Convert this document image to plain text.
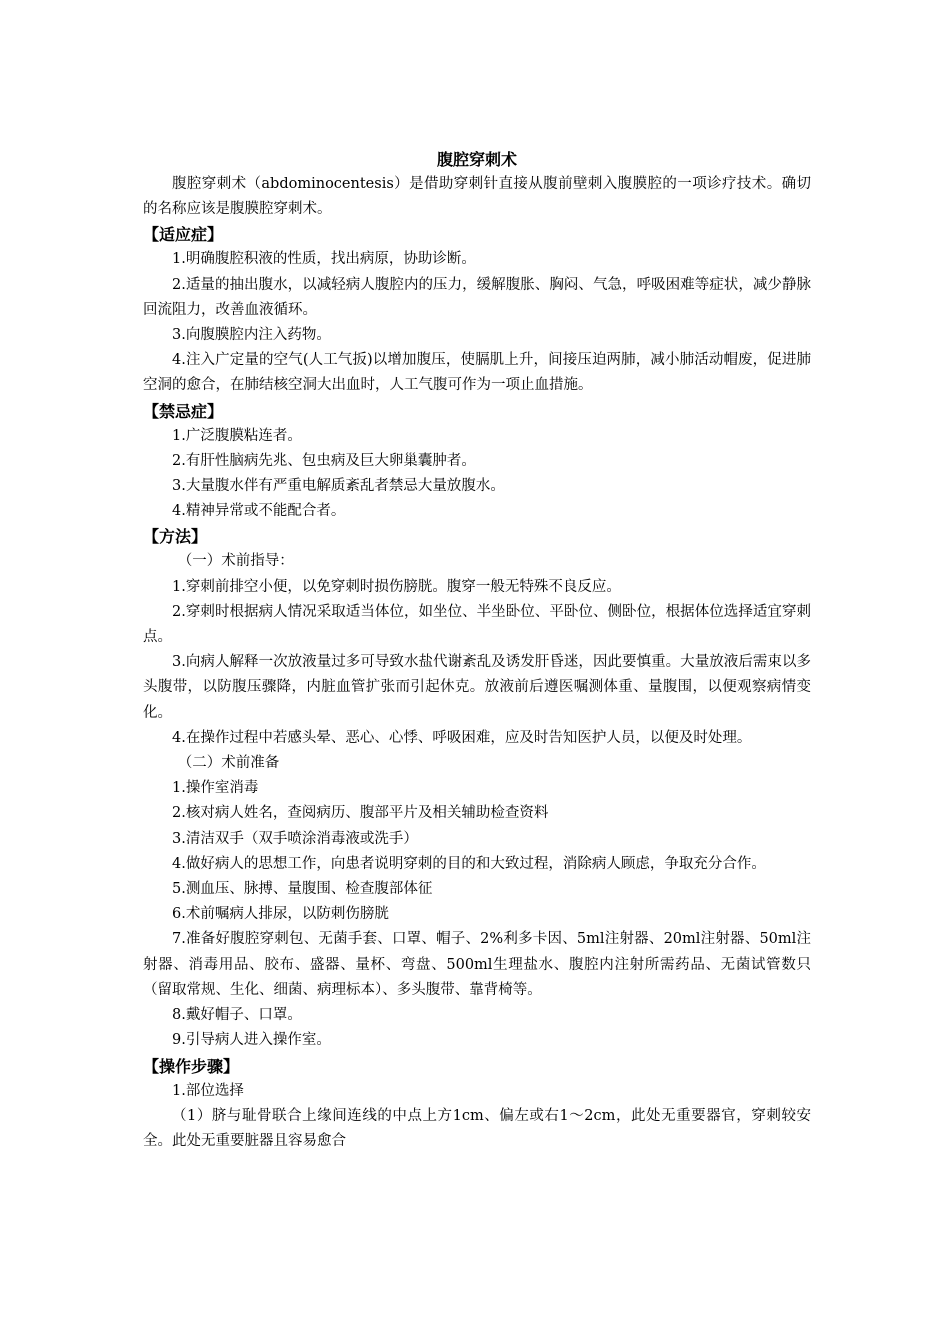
腹腔穿刺术

腹腔穿刺术（abdominocentesis）是借助穿刺针直接从腹前壁刺入腹膜腔的一项诊疗技术。确切的名称应该是腹膜腔穿刺术。

【适应症】

1.明确腹腔积液的性质，找出病原，协助诊断。

2.适量的抽出腹水，以减轻病人腹腔内的压力，缓解腹胀、胸闷、气急，呼吸困难等症状，减少静脉回流阻力，改善血液循环。

3.向腹膜腔内注入药物。

4.注入广定量的空气(人工气扳)以增加腹压，使膈肌上升，间接压迫两肺，减小肺活动帽废，促进肺空洞的愈合，在肺结核空洞大出血时，人工气腹可作为一项止血措施。

【禁忌症】

1.广泛腹膜粘连者。

2.有肝性脑病先兆、包虫病及巨大卵巢囊肿者。

3.大量腹水伴有严重电解质紊乱者禁忌大量放腹水。

4.精神异常或不能配合者。

【方法】

（一）术前指导：

1.穿刺前排空小便，以免穿刺时损伤膀胱。腹穿一般无特殊不良反应。

2.穿刺时根据病人情况采取适当体位，如坐位、半坐卧位、平卧位、侧卧位，根据体位选择适宜穿刺点。

3.向病人解释一次放液量过多可导致水盐代谢紊乱及诱发肝昏迷，因此要慎重。大量放液后需束以多头腹带，以防腹压骤降，内脏血管扩张而引起休克。放液前后遵医嘱测体重、量腹围，以便观察病情变化。

4.在操作过程中若感头晕、恶心、心悸、呼吸困难，应及时告知医护人员，以便及时处理。

（二）术前准备

1.操作室消毒

2.核对病人姓名，查阅病历、腹部平片及相关辅助检查资料

3.清洁双手（双手喷涂消毒液或洗手）

4.做好病人的思想工作，向患者说明穿刺的目的和大致过程，消除病人顾虑，争取充分合作。

5.测血压、脉搏、量腹围、检查腹部体征

6.术前嘱病人排尿，以防刺伤膀胱

7.准备好腹腔穿刺包、无菌手套、口罩、帽子、2%利多卡因、5ml注射器、20ml注射器、50ml注射器、消毒用品、胶布、盛器、量杯、弯盘、500ml生理盐水、腹腔内注射所需药品、无菌试管数只（留取常规、生化、细菌、病理标本）、多头腹带、靠背椅等。

8.戴好帽子、口罩。

9.引导病人进入操作室。

【操作步骤】

1.部位选择

（1）脐与耻骨联合上缘间连线的中点上方1cm、偏左或右1～2cm，此处无重要器官，穿刺较安全。此处无重要脏器且容易愈合
